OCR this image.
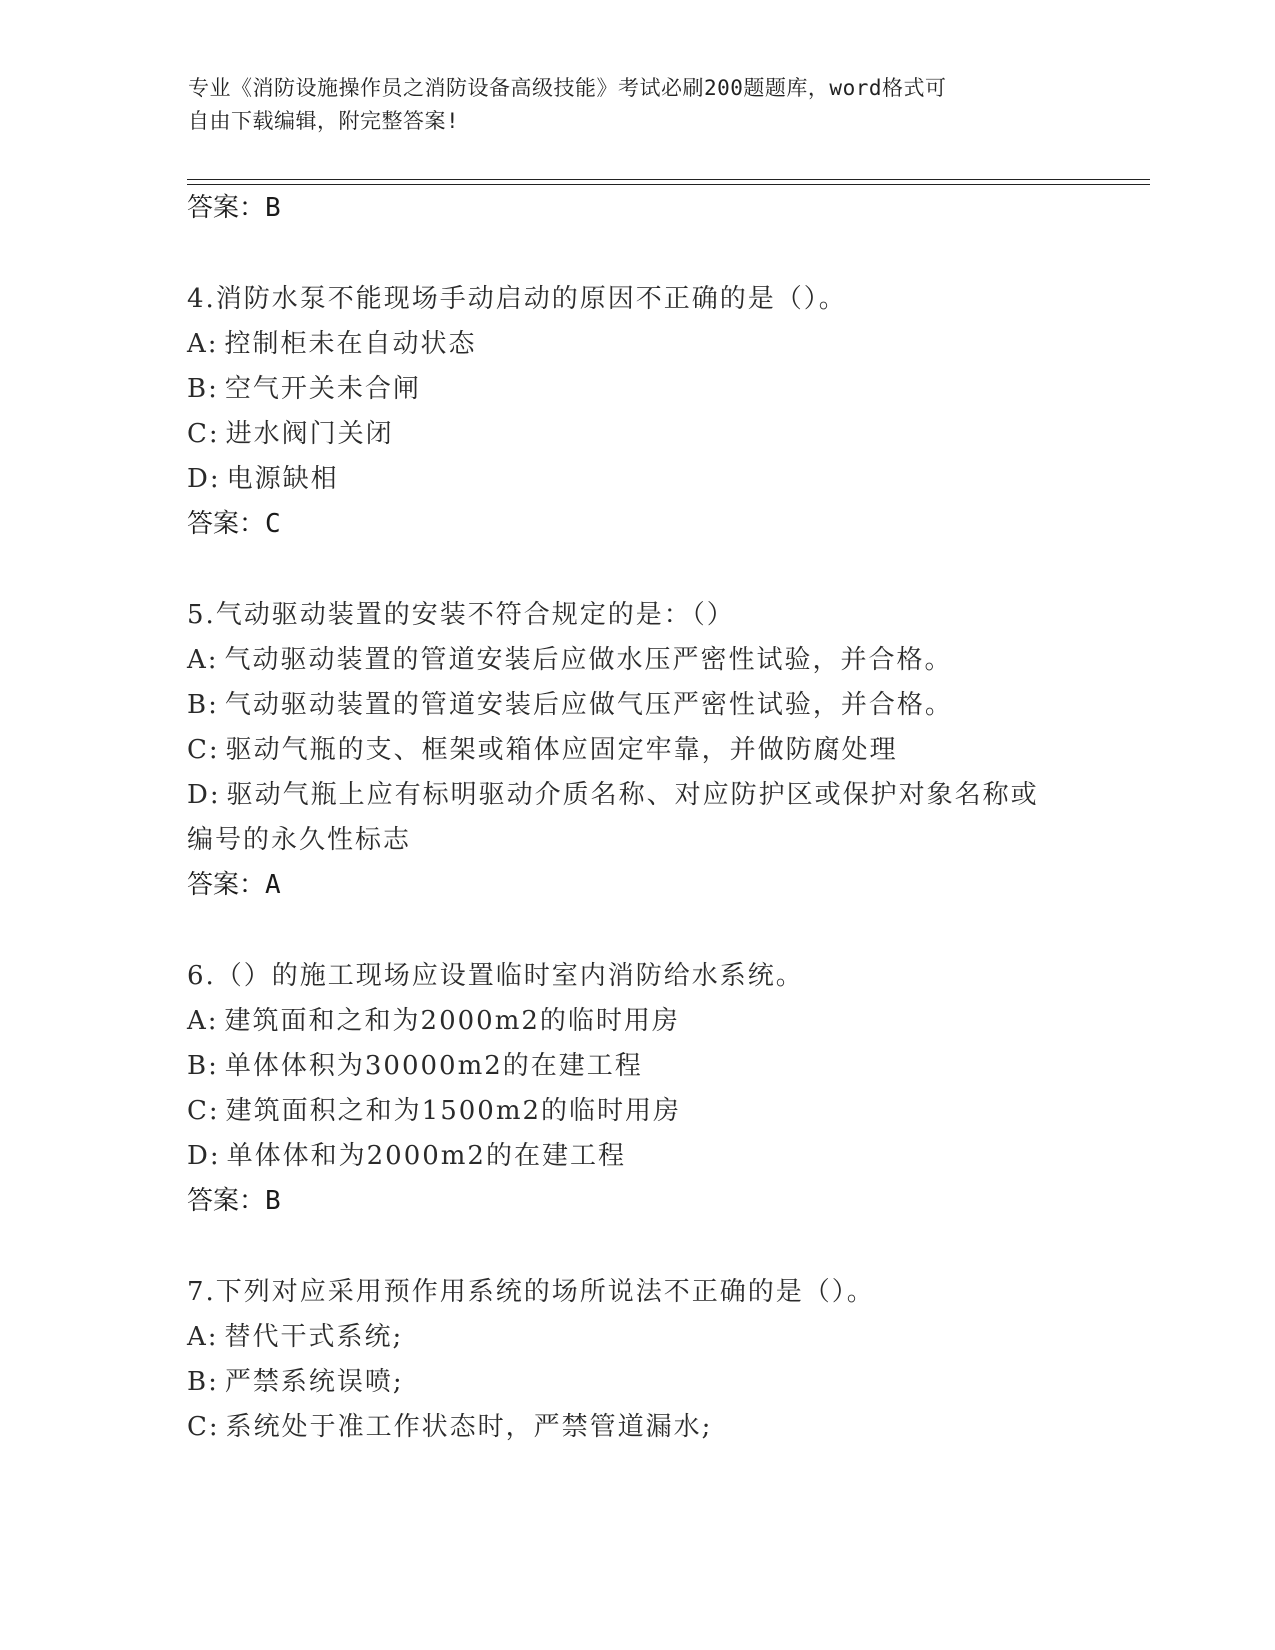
专业《消防设施操作员之消防设备高级技能》考试必刷200题题库，word格式可
自由下载编辑，附完整答案!
答案：B
4.消防水泵不能现场手动启动的原因不正确的是（）。
A: 控制柜未在自动状态
B: 空气开关未合闸
C: 进水阀门关闭
D: 电源缺相
答案：C
5.气动驱动装置的安装不符合规定的是：（）
A: 气动驱动装置的管道安装后应做水压严密性试验，并合格。
B: 气动驱动装置的管道安装后应做气压严密性试验，并合格。
C: 驱动气瓶的支、框架或箱体应固定牢靠，并做防腐处理
D: 驱动气瓶上应有标明驱动介质名称、对应防护区或保护对象名称或编号的永久性标志
答案：A
6.（）的施工现场应设置临时室内消防给水系统。
A: 建筑面和之和为2000m2的临时用房
B: 单体体积为30000m2的在建工程
C: 建筑面积之和为1500m2的临时用房
D: 单体体和为2000m2的在建工程
答案：B
7.下列对应采用预作用系统的场所说法不正确的是（）。
A: 替代干式系统;
B: 严禁系统误喷;
C: 系统处于准工作状态时，严禁管道漏水;
